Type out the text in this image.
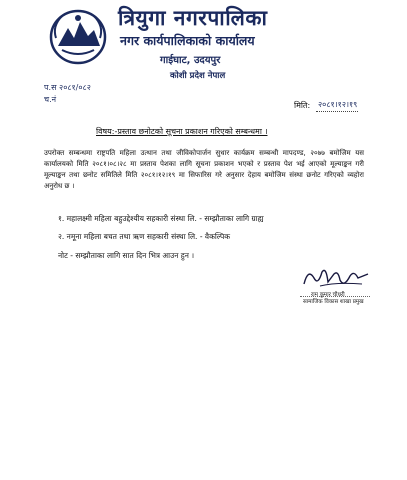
त्रियुगा नगरपालिका
नगर कार्यपालिकाको कार्यालय
गाईघाट, उदयपुर
कोशी प्रदेश नेपाल
प.स २०८१/०८२
च.नं
मिति: २०८१।१२।१९
विषय:-प्रस्ताव छनोटको सूचना प्रकाशन गरिएको सम्बन्धमा ।
उपरोक्त सम्बन्धमा राष्ट्रपति महिला उत्थान तथा जीविकोपार्जन सुधार कार्यक्रम सम्बन्धी मापदण्ड, २०७७ बमोजिम यस कार्यालयको मिति २०८१।०८।२८ मा प्रस्ताव पेशका लागि सूचना प्रकाशन भएको र प्रस्ताव पेश भई आएको मूल्याङ्कन गरी मूल्याङ्कन तथा छनोट समितिले मिति २०८१।१२।१९ मा सिफारिस गरे अनुसार देहाय बमोजिम संस्था छनोट गरिएको व्यहोरा अनुरोध छ ।
१. महालक्ष्मी महिला बहुउद्देश्यीय सहकारी संस्था लि. - सम्झौताका लागि ग्राह्य
२. नमूना महिला बचत तथा ऋण सहकारी संस्था लि. - वैकल्पिक
नोट - सम्झौताका लागि सात दिन भित्र आउन हुन ।
राम कुमार चौधरी
सामाजिक विकास शाखा प्रमुख
